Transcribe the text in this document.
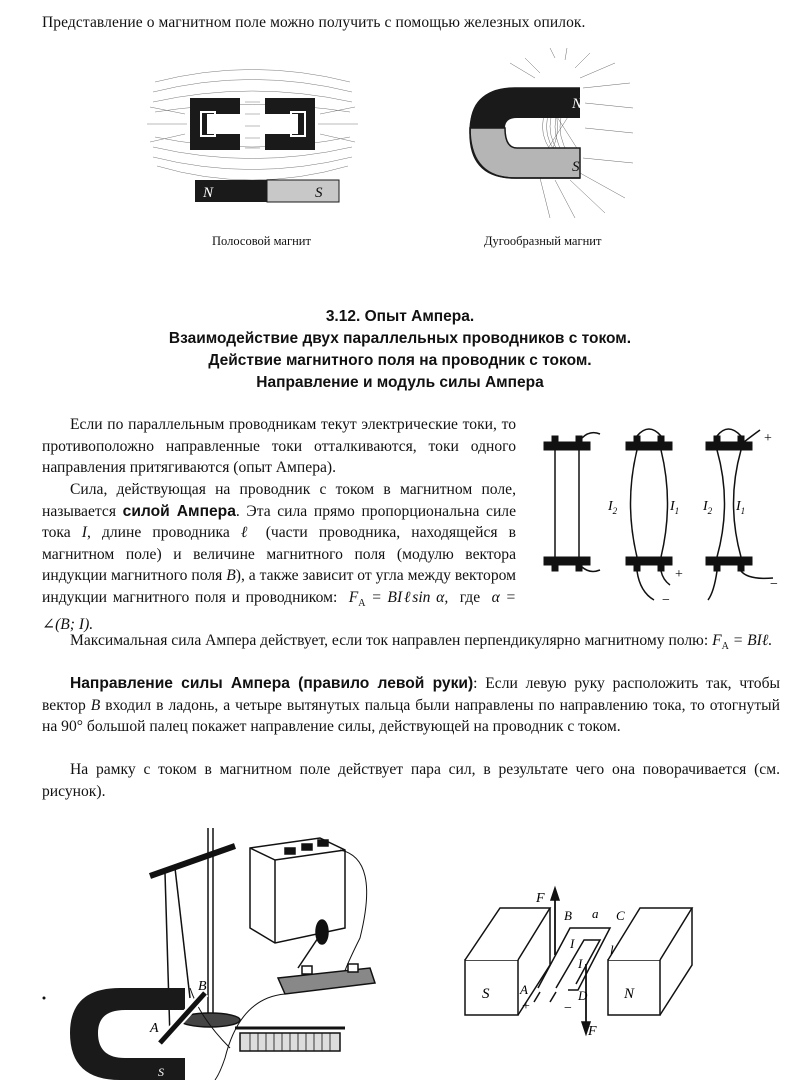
Представление о магнитном поле можно получить с помощью железных опилок.
N	S
Полосовой магнит
N
S
Дугообразный магнит
3.12. Опыт Ампера.
Взаимодействие двух параллельных проводников с током.
Действие магнитного поля на проводник с током.
Направление и модуль силы Ампера

Если по параллельным проводникам текут электрические токи, то противоположно направленные токи отталкиваются, токи одного направления притягиваются (опыт Ампера).

Сила, действующая на проводник с током в магнитном поле, называется силой Ампера. Эта сила прямо пропорциональна силе тока I, длине проводника ℓ (части проводника, находящейся в магнитном поле) и величине магнитного поля (модулю вектора индукции магнитного поля B), а также зависит от угла между вектором индукции магнитного поля и проводником: $F_A$ = BIℓsin α, где α = ∠(B; I).

$I_2$	$I_1$
+
−
$I_2$ $I_1$
+
−

Максимальная сила Ампера действует, если ток направлен перпендикулярно магнитному полю: $F_A$ = BIℓ.

Направление силы Ампера (правило левой руки): Если левую руку расположить так, чтобы вектор B входил в ладонь, а четыре вытянутых пальца были направлены по направлению тока, то отогнутый на 90° большой палец покажет направление силы, действующей на проводник с током.

На рамку с током в магнитном поле действует пара сил, в результате чего она поворачивается (см. рисунок).

B
A
S
S	N
F
F
B a C
I
I
l
A	D
+ −
